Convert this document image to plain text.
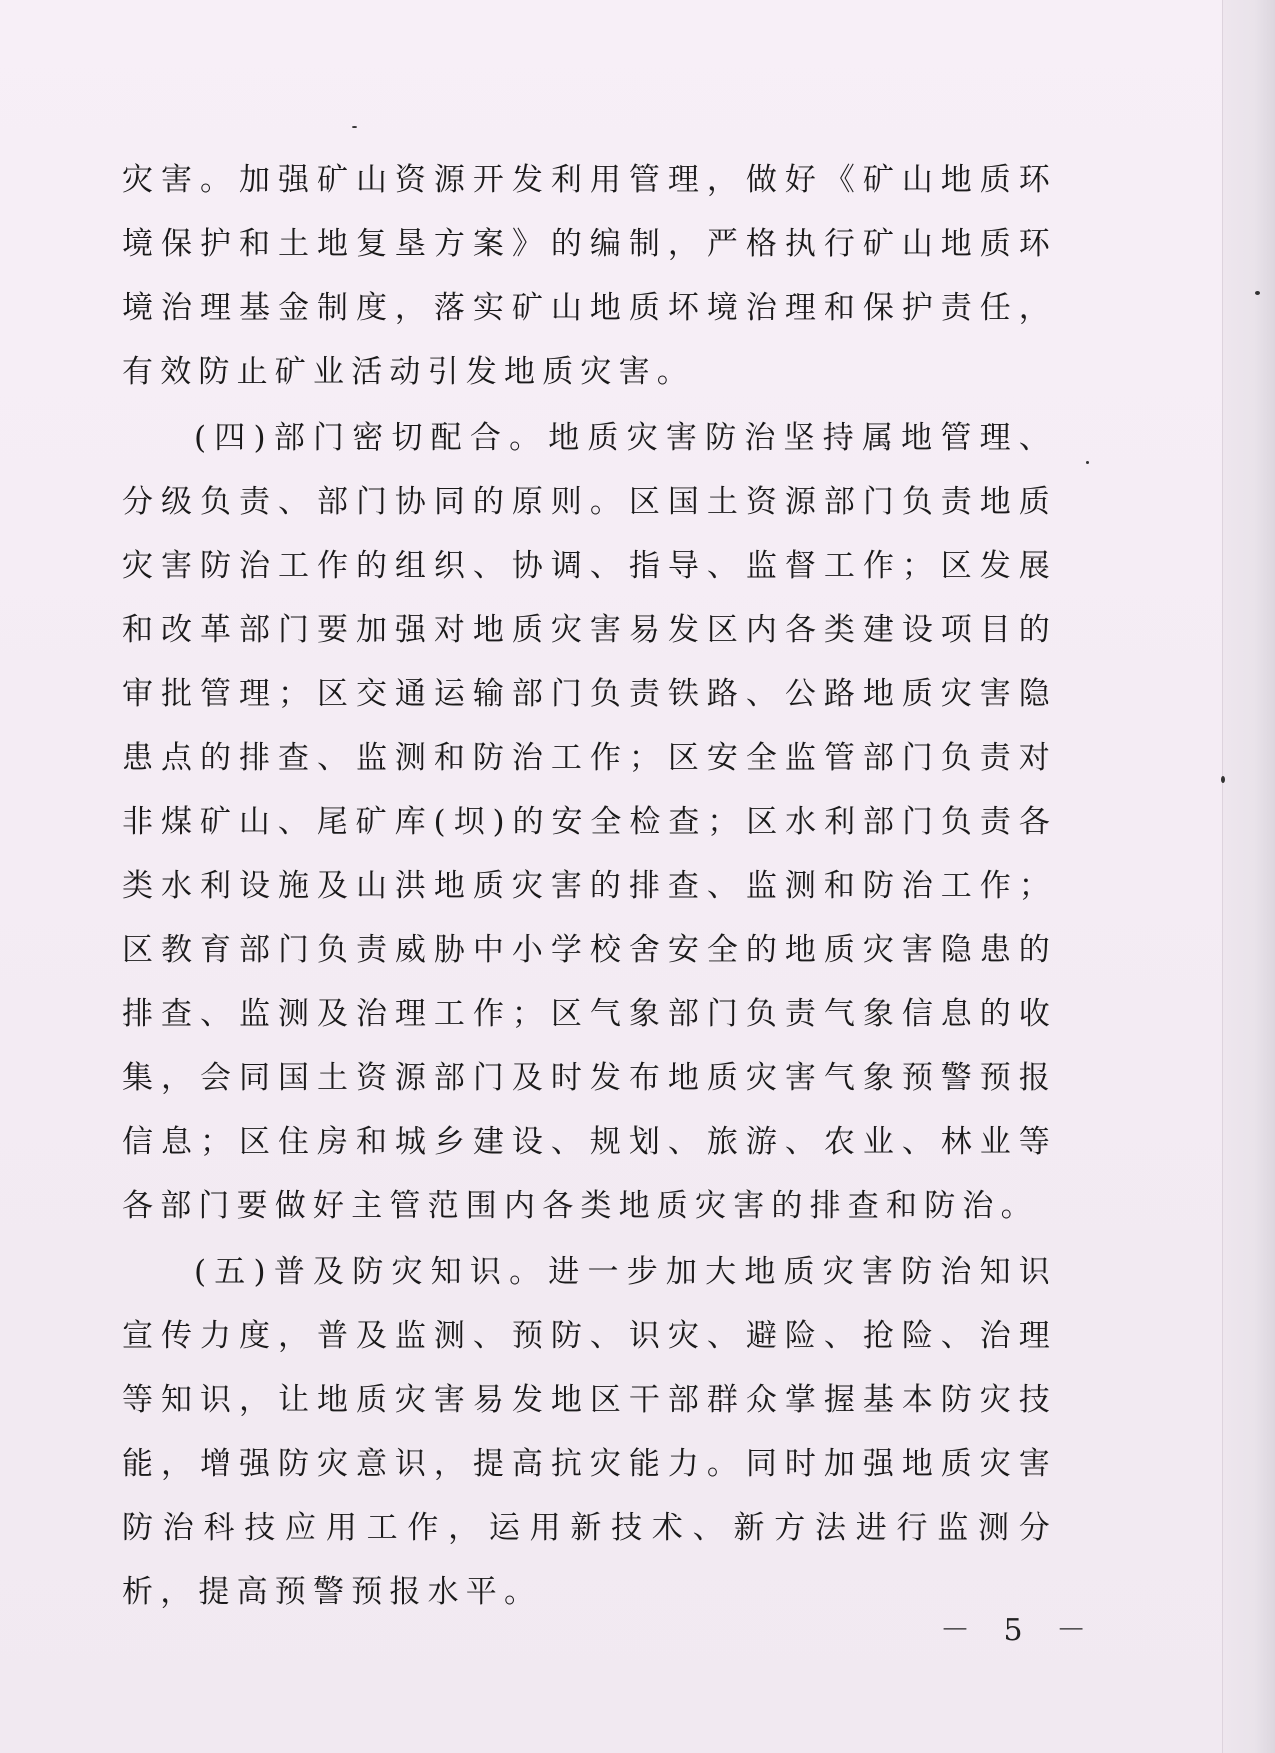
灾害。加强矿山资源开发利用管理，做好《矿山地质环境保护和土地复垦方案》的编制，严格执行矿山地质环境治理基金制度，落实矿山地质坏境治理和保护责任，有效防止矿业活动引发地质灾害。

(四)部门密切配合。地质灾害防治坚持属地管理、分级负责、部门协同的原则。区国土资源部门负责地质灾害防治工作的组织、协调、指导、监督工作；区发展和改革部门要加强对地质灾害易发区内各类建设项目的审批管理；区交通运输部门负责铁路、公路地质灾害隐患点的排查、监测和防治工作；区安全监管部门负责对非煤矿山、尾矿库(坝)的安全检查；区水利部门负责各类水利设施及山洪地质灾害的排查、监测和防治工作；区教育部门负责威胁中小学校舍安全的地质灾害隐患的排查、监测及治理工作；区气象部门负责气象信息的收集，会同国土资源部门及时发布地质灾害气象预警预报信息；区住房和城乡建设、规划、旅游、农业、林业等各部门要做好主管范围内各类地质灾害的排查和防治。

(五)普及防灾知识。进一步加大地质灾害防治知识宣传力度，普及监测、预防、识灾、避险、抢险、治理等知识，让地质灾害易发地区干部群众掌握基本防灾技能，增强防灾意识，提高抗灾能力。同时加强地质灾害防治科技应用工作，运用新技术、新方法进行监测分析，提高预警预报水平。

－ 5 －
